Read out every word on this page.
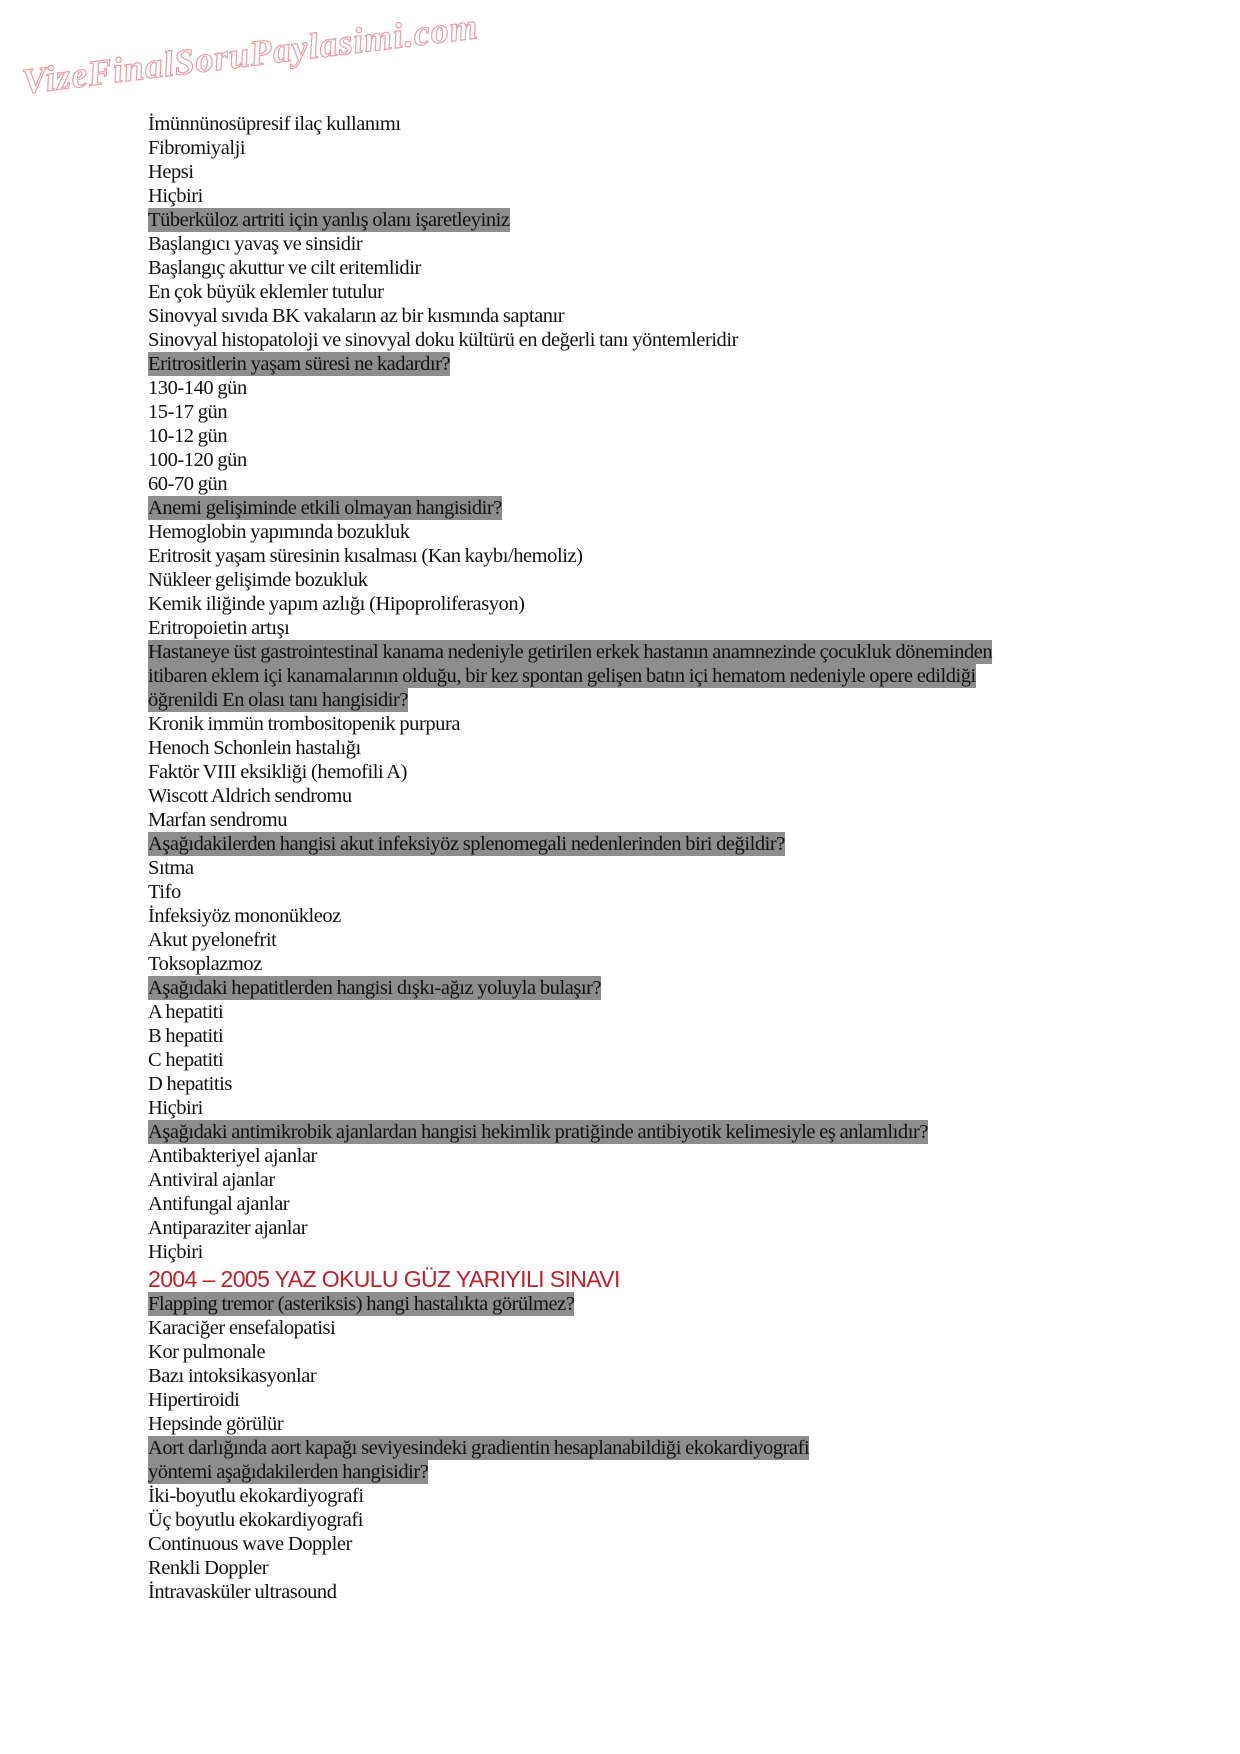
VizeFinalSoruPaylasimi.com
İmünnünosüpresif ilaç kullanımı
Fibromiyalji
Hepsi
Hiçbiri
Tüberküloz artriti için yanlış olanı işaretleyiniz
Başlangıcı yavaş ve sinsidir
Başlangıç akuttur ve cilt eritemlidir
En çok büyük eklemler tutulur
Sinovyal sıvıda BK vakaların az bir kısmında saptanır
Sinovyal histopatoloji ve sinovyal doku kültürü en değerli tanı yöntemleridir
Eritrositlerin yaşam süresi ne kadardır?
130-140 gün
15-17 gün
10-12 gün
100-120 gün
60-70 gün
Anemi gelişiminde etkili olmayan hangisidir?
Hemoglobin yapımında bozukluk
Eritrosit yaşam süresinin kısalması (Kan kaybı/hemoliz)
Nükleer gelişimde bozukluk
Kemik iliğinde yapım azlığı (Hipoproliferasyon)
Eritropoietin artışı
Hastaneye üst gastrointestinal kanama nedeniyle getirilen erkek hastanın anamnezinde çocukluk döneminden
itibaren eklem içi kanamalarının olduğu, bir kez spontan gelişen batın içi hematom nedeniyle opere edildiği
öğrenildi En olası tanı hangisidir?
Kronik immün trombositopenik purpura
Henoch Schonlein hastalığı
Faktör VIII eksikliği (hemofili A)
Wiscott Aldrich sendromu
Marfan sendromu
Aşağıdakilerden hangisi akut infeksiyöz splenomegali nedenlerinden biri değildir?
Sıtma
Tifo
İnfeksiyöz mononükleoz
Akut pyelonefrit
Toksoplazmoz
Aşağıdaki hepatitlerden hangisi dışkı-ağız yoluyla bulaşır?
A hepatiti
B hepatiti
C hepatiti
D hepatitis
Hiçbiri
Aşağıdaki antimikrobik ajanlardan hangisi hekimlik pratiğinde antibiyotik kelimesiyle eş anlamlıdır?
Antibakteriyel ajanlar
Antiviral ajanlar
Antifungal ajanlar
Antiparaziter ajanlar
Hiçbiri
2004 – 2005 YAZ OKULU GÜZ YARIYILI SINAVI
Flapping tremor (asteriksis) hangi hastalıkta görülmez?
Karaciğer ensefalopatisi
Kor pulmonale
Bazı intoksikasyonlar
Hipertiroidi
Hepsinde görülür
Aort darlığında aort kapağı seviyesindeki gradientin hesaplanabildiği ekokardiyografi
yöntemi aşağıdakilerden hangisidir?
İki-boyutlu ekokardiyografi
Üç boyutlu ekokardiyografi
Continuous wave Doppler
Renkli Doppler
İntravasküler ultrasound
